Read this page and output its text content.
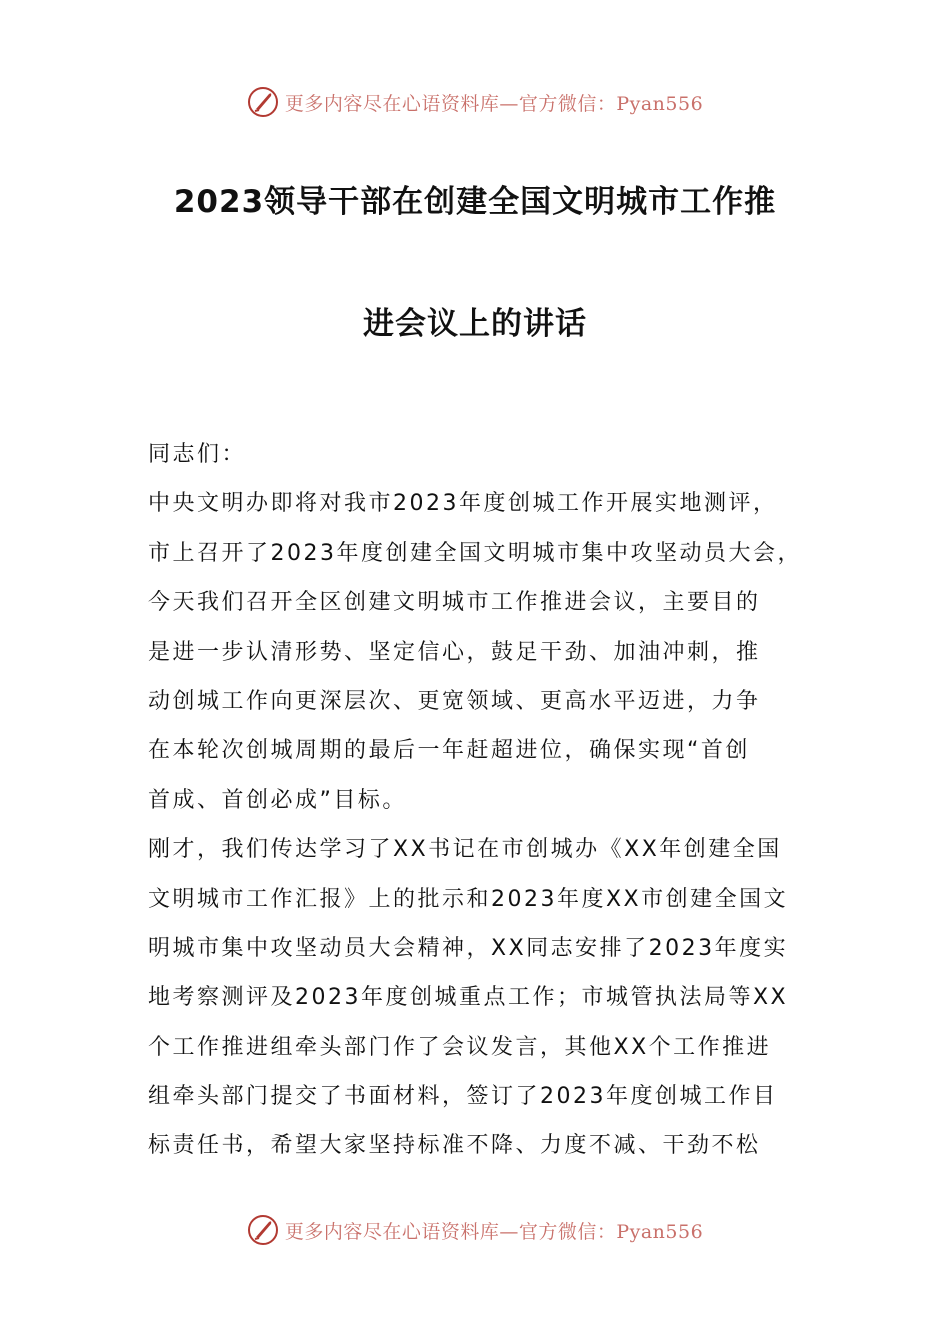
更多内容尽在心语资料库—官方微信：Pyan556
2023领导干部在创建全国文明城市工作推
进会议上的讲话
同志们：
中央文明办即将对我市2023年度创城工作开展实地测评，
市上召开了2023年度创建全国文明城市集中攻坚动员大会，
今天我们召开全区创建文明城市工作推进会议，主要目的
是进一步认清形势、坚定信心，鼓足干劲、加油冲刺，推
动创城工作向更深层次、更宽领域、更高水平迈进，力争
在本轮次创城周期的最后一年赶超进位，确保实现“首创
首成、首创必成”目标。
刚才，我们传达学习了XX书记在市创城办《XX年创建全国
文明城市工作汇报》上的批示和2023年度XX市创建全国文
明城市集中攻坚动员大会精神，XX同志安排了2023年度实
地考察测评及2023年度创城重点工作；市城管执法局等XX
个工作推进组牵头部门作了会议发言，其他XX个工作推进
组牵头部门提交了书面材料，签订了2023年度创城工作目
标责任书，希望大家坚持标准不降、力度不减、干劲不松
更多内容尽在心语资料库—官方微信：Pyan556
